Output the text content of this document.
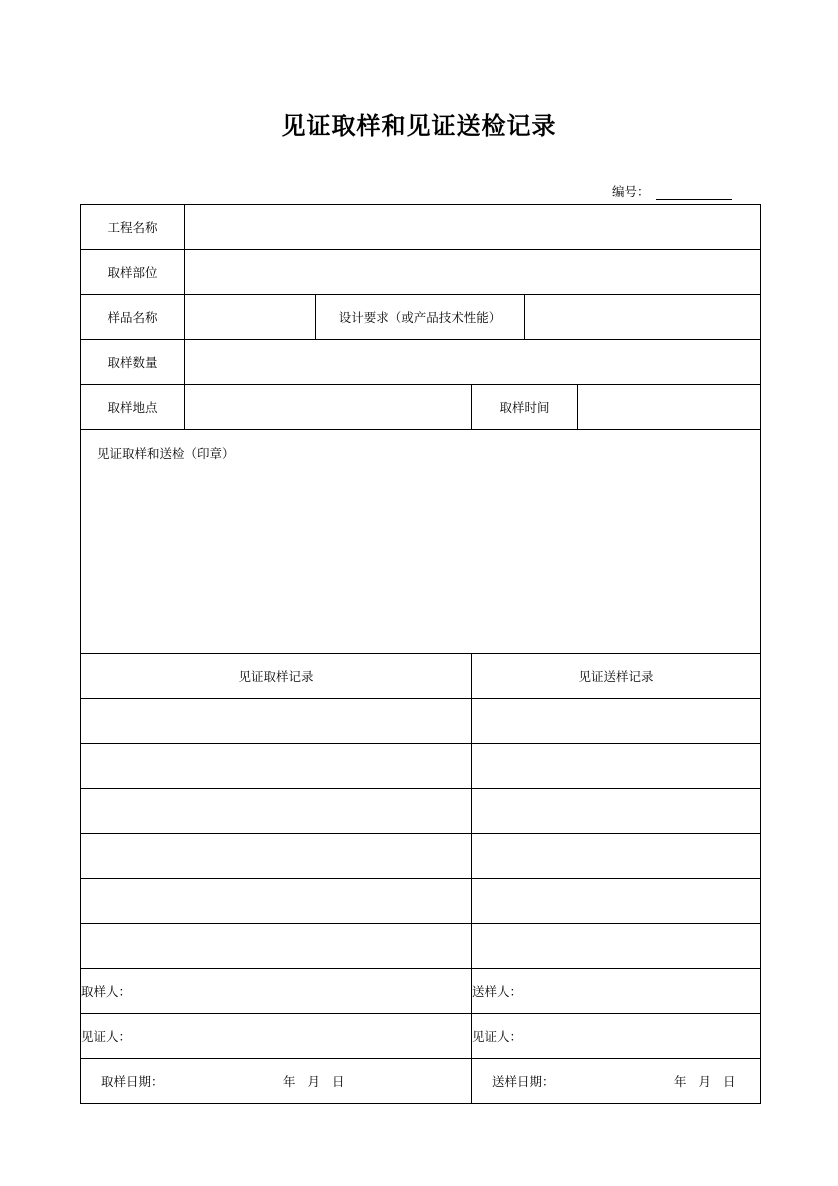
见证取样和见证送检记录
编号：
工程名称					
取样部位					
样品名称		设计要求（或产品技术性能）			
取样数量					
取样地点			取样时间		

见证取样和送检（印章）					

见证取样记录			见证送样记录		

取样人：			送样人：		
见证人：			见证人：		

取样日期： 年 月 日			送样日期： 年 月 日		
